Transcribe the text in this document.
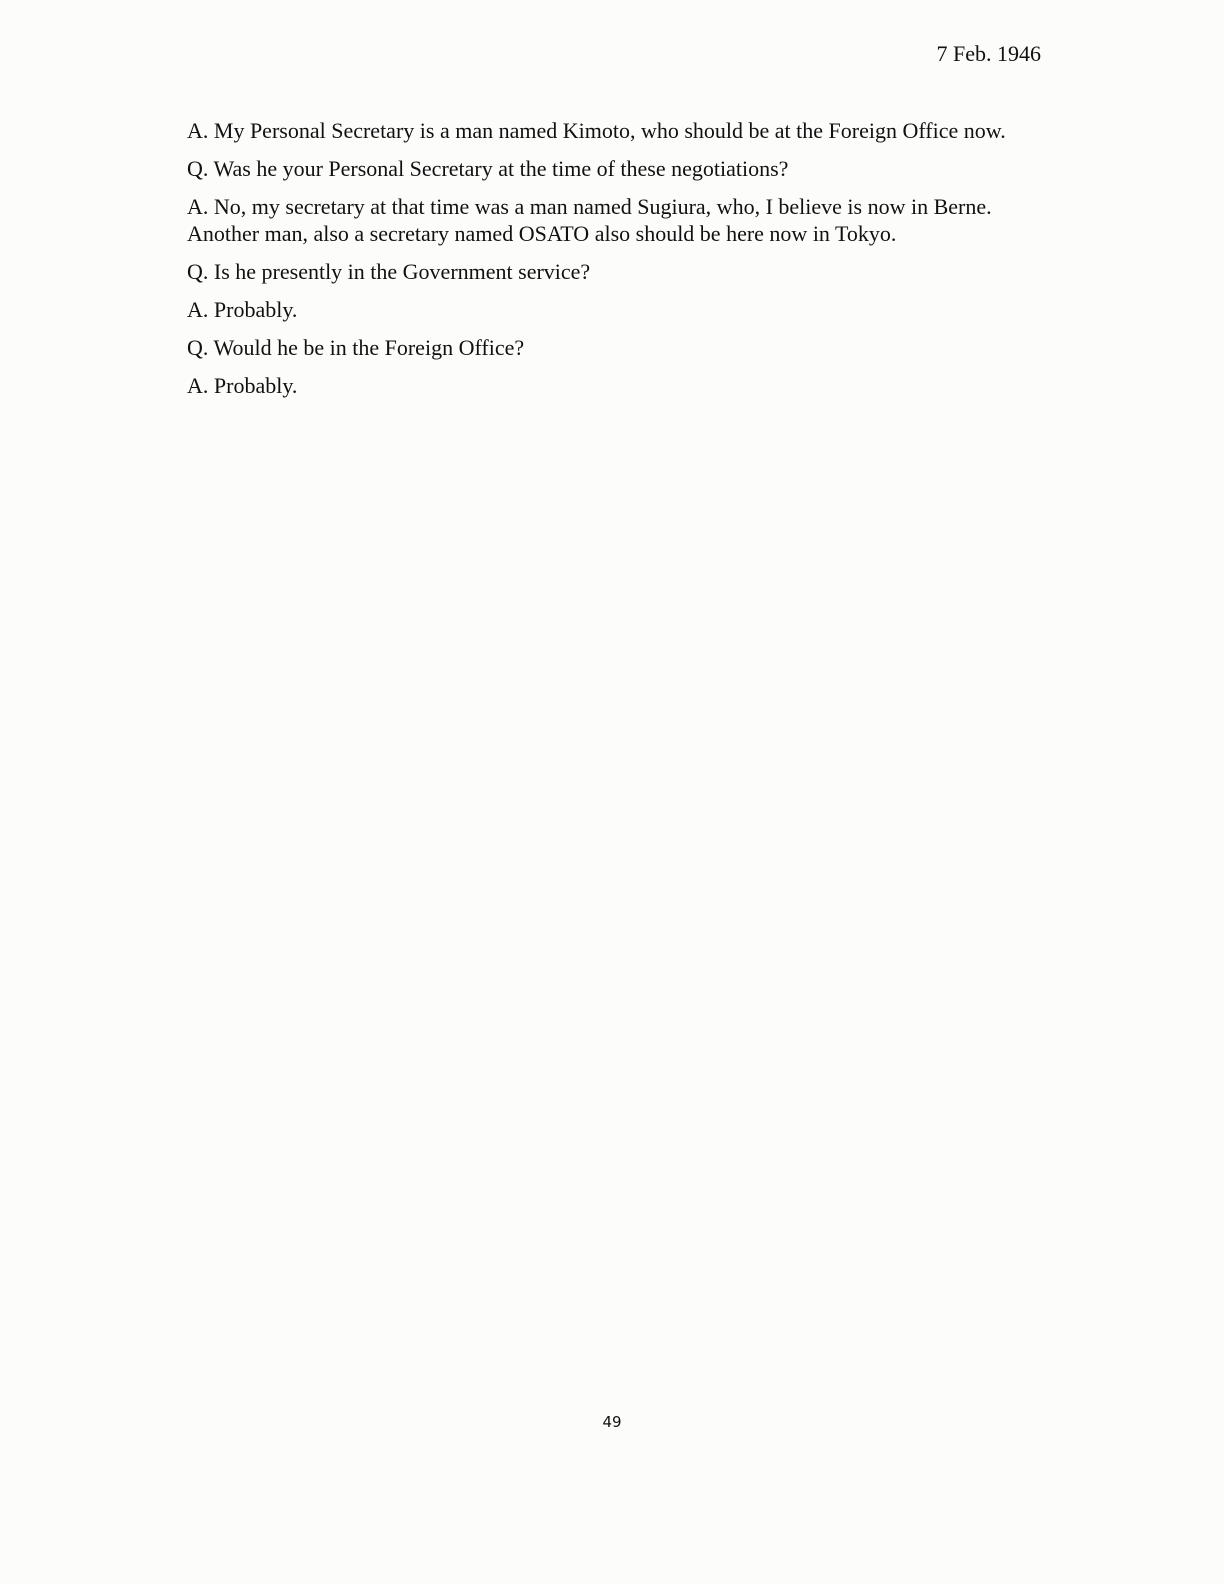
7 Feb. 1946

A. My Personal Secretary is a man named Kimoto, who should be at the Foreign Office now.

Q. Was he your Personal Secretary at the time of these negotiations?

A. No, my secretary at that time was a man named Sugiura, who, I believe is now in Berne. Another man, also a secretary named OSATO also should be here now in Tokyo.

Q. Is he presently in the Government service?

A. Probably.

Q. Would he be in the Foreign Office?

A. Probably.

49
